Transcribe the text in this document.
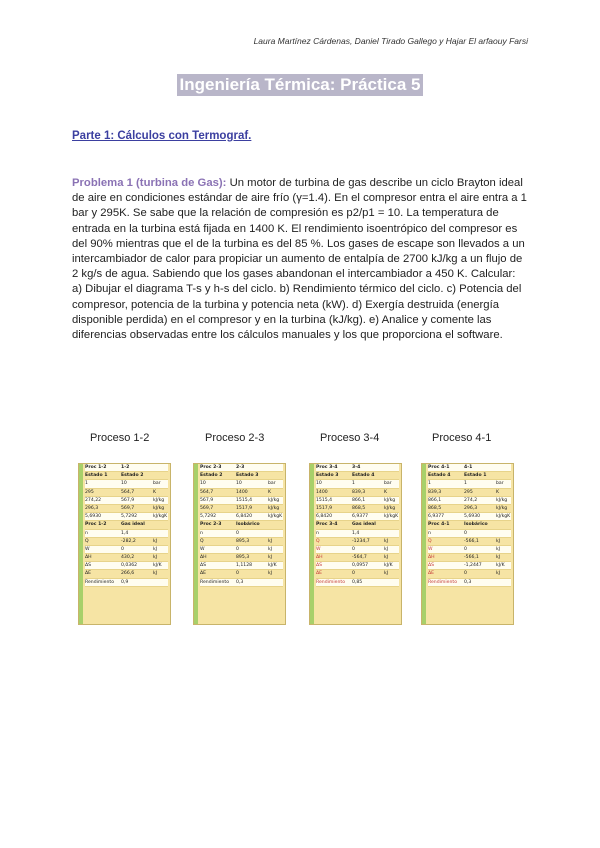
Laura Martínez Cárdenas, Daniel Tirado Gallego y Hajar El arfaouy Farsi
Ingeniería Térmica: Práctica 5
Parte 1: Cálculos con Termograf.
Problema 1 (turbina de Gas): Un motor de turbina de gas describe un ciclo Brayton ideal de aire en condiciones estándar de aire frío (γ=1.4). En el compresor entra el aire entra a 1 bar y 295K. Se sabe que la relación de compresión es p2/p1 = 10. La temperatura de entrada en la turbina está fijada en 1400 K. El rendimiento isoentrópico del compresor es del 90% mientras que el de la turbina es del 85 %. Los gases de escape son llevados a un intercambiador de calor para propiciar un aumento de entalpía de 2700 kJ/kg a un flujo de 2 kg/s de agua. Sabiendo que los gases abandonan el intercambiador a 450 K. Calcular: a) Dibujar el diagrama T-s y h-s del ciclo. b) Rendimiento térmico del ciclo. c) Potencia del compresor, potencia de la turbina y potencia neta (kW). d) Exergía destruida (energía disponible perdida) en el compresor y en la turbina (kJ/kg). e) Analice y comente las diferencias observadas entre los cálculos manuales y los que proporciona el software.
Proceso 1-2	Proceso 2-3	Proceso 3-4	Proceso 4-1
Proc 1-2	1-2
Estado 1	Estado 2
1	10	bar
295	564,7	K
274,22	567,9	kJ/kg
296,3	569,7	kJ/kg
5,6930	5,7292	kJ/kgK
Proc 1-2	Gas ideal
n	1,4
Q	-282,2	kJ
W	0	kJ
ΔH	430,2	kJ
ΔS	0,0362	kJ/K
ΔE	266,6	kJ
Rendimiento 0,9
Proc 2-3	2-3
Estado 2	Estado 3
10	10	bar
564,7	1400	K
567,9	1515,4	kJ/kg
569,7	1517,9	kJ/kg
5,7292	6,8420	kJ/kgK
Proc 2-3	Isobárico
n	0
Q	895,3	kJ
W	0	kJ
ΔH	895,3	kJ
ΔS	1,1128	kJ/K
ΔE	0	kJ
Rendimiento 0,3
Proc 3-4	3-4
Estado 3	Estado 4
10	1	bar
1400	839,3	K
1515,4	866,1	kJ/kg
1517,9	868,5	kJ/kg
6,8420	6,9377	kJ/kgK
Proc 3-4	Gas ideal
n	1,4
Q	-1234,7	kJ
W	0	kJ
ΔH	-564,7	kJ
ΔS	0,0957	kJ/K
ΔE	0	kJ
Rendimiento 0,85
Proc 4-1	4-1
Estado 4	Estado 1
1	1	bar
839,3	295	K
866,1	274,2	kJ/kg
868,5	296,3	kJ/kg
6,9377	5,6930	kJ/kgK
Proc 4-1	Isobárico
n	0
Q	-566,1	kJ
W	0	kJ
ΔH	-566,1	kJ
ΔS	-1,2447	kJ/K
ΔE	0	kJ
Rendimiento 0,3
